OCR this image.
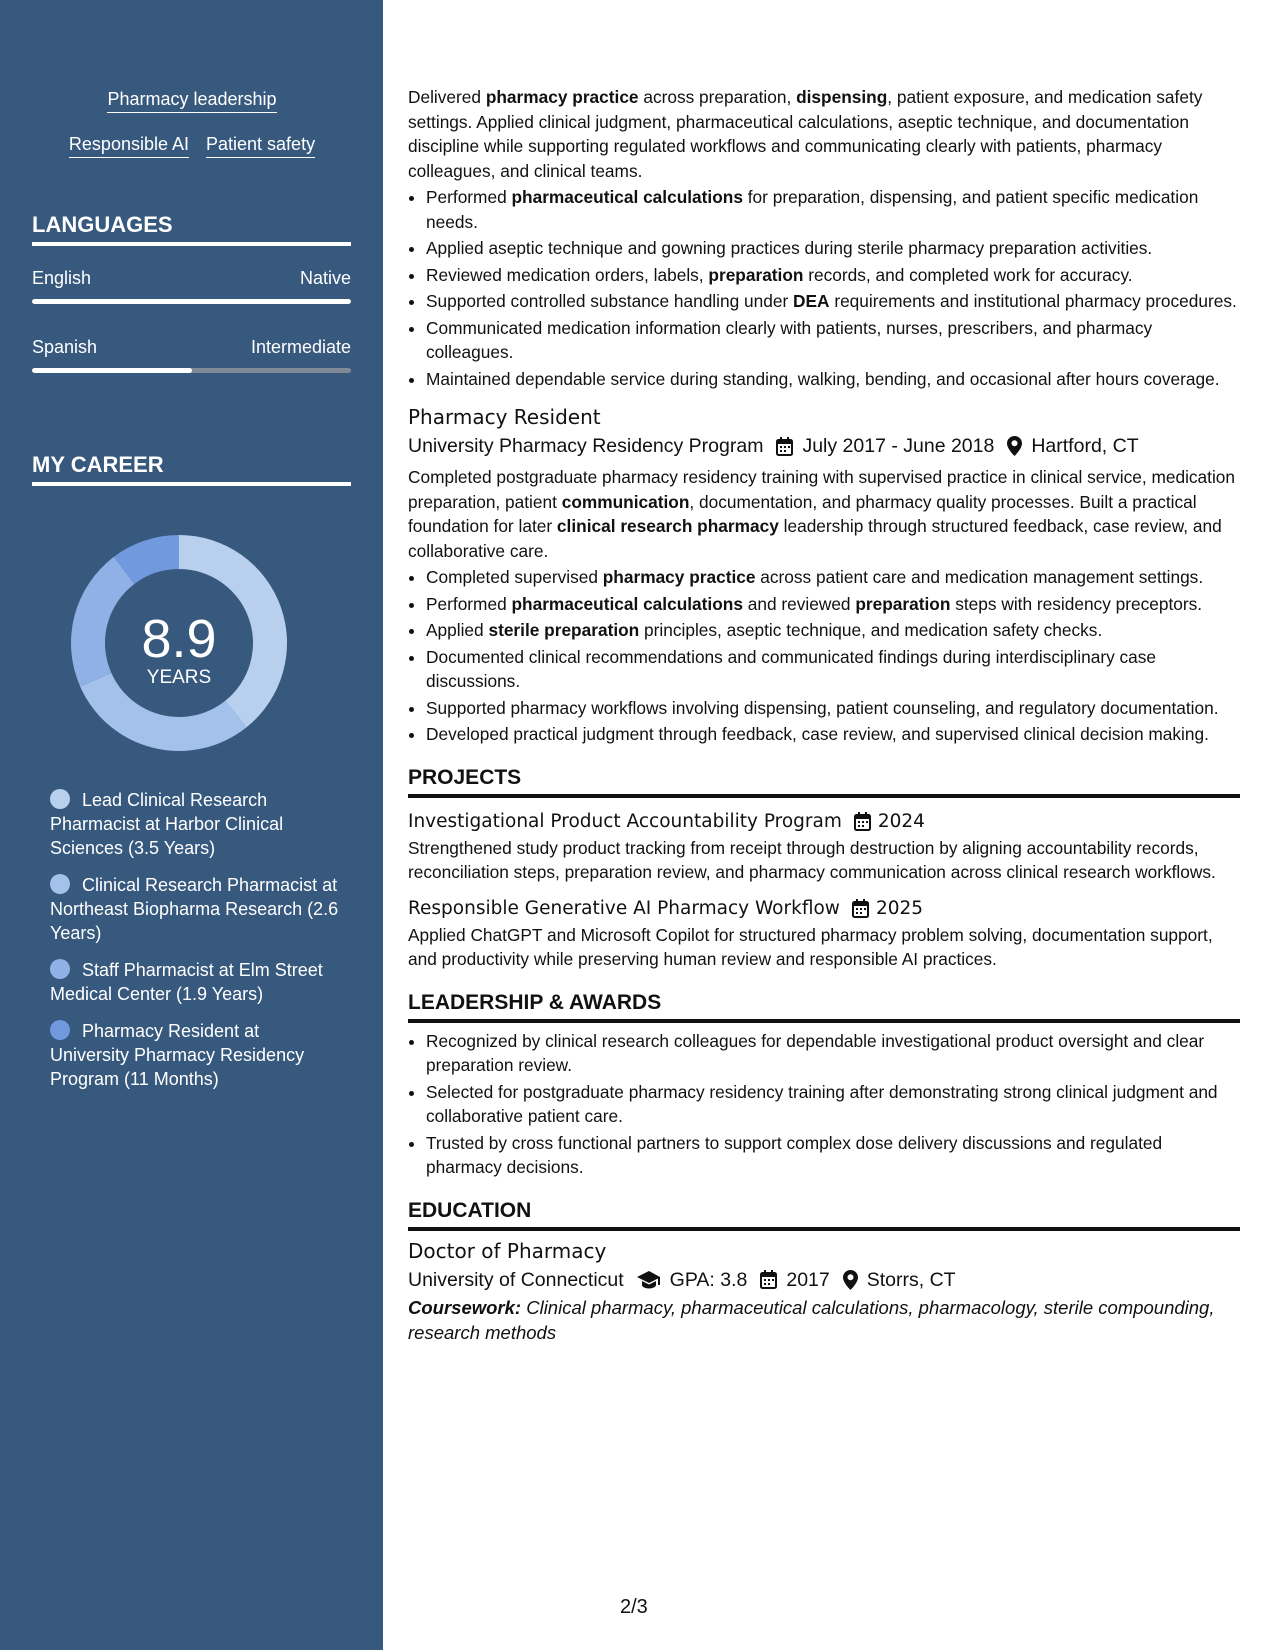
Pharmacy leadership
Responsible AI Patient safety
LANGUAGES
English	Native
Spanish	Intermediate
MY CAREER
8.9
YEARS
Lead Clinical Research Pharmacist at Harbor Clinical Sciences (3.5 Years)
Clinical Research Pharmacist at Northeast Biopharma Research (2.6 Years)
Staff Pharmacist at Elm Street Medical Center (1.9 Years)
Pharmacy Resident at University Pharmacy Residency Program (11 Months)
Delivered pharmacy practice across preparation, dispensing, patient exposure, and medication safety settings. Applied clinical judgment, pharmaceutical calculations, aseptic technique, and documentation discipline while supporting regulated workflows and communicating clearly with patients, pharmacy colleagues, and clinical teams.
• Performed pharmaceutical calculations for preparation, dispensing, and patient specific medication needs.
• Applied aseptic technique and gowning practices during sterile pharmacy preparation activities.
• Reviewed medication orders, labels, preparation records, and completed work for accuracy.
• Supported controlled substance handling under DEA requirements and institutional pharmacy procedures.
• Communicated medication information clearly with patients, nurses, prescribers, and pharmacy colleagues.
• Maintained dependable service during standing, walking, bending, and occasional after hours coverage.
Pharmacy Resident
University Pharmacy Residency Program July 2017 - June 2018 Hartford, CT
Completed postgraduate pharmacy residency training with supervised practice in clinical service, medication preparation, patient communication, documentation, and pharmacy quality processes. Built a practical foundation for later clinical research pharmacy leadership through structured feedback, case review, and collaborative care.
• Completed supervised pharmacy practice across patient care and medication management settings.
• Performed pharmaceutical calculations and reviewed preparation steps with residency preceptors.
• Applied sterile preparation principles, aseptic technique, and medication safety checks.
• Documented clinical recommendations and communicated findings during interdisciplinary case discussions.
• Supported pharmacy workflows involving dispensing, patient counseling, and regulatory documentation.
• Developed practical judgment through feedback, case review, and supervised clinical decision making.
PROJECTS
Investigational Product Accountability Program 2024
Strengthened study product tracking from receipt through destruction by aligning accountability records, reconciliation steps, preparation review, and pharmacy communication across clinical research workflows.
Responsible Generative AI Pharmacy Workflow 2025
Applied ChatGPT and Microsoft Copilot for structured pharmacy problem solving, documentation support, and productivity while preserving human review and responsible AI practices.
LEADERSHIP & AWARDS
• Recognized by clinical research colleagues for dependable investigational product oversight and clear preparation review.
• Selected for postgraduate pharmacy residency training after demonstrating strong clinical judgment and collaborative patient care.
• Trusted by cross functional partners to support complex dose delivery discussions and regulated pharmacy decisions.
EDUCATION
Doctor of Pharmacy
University of Connecticut GPA: 3.8 2017 Storrs, CT
Coursework: Clinical pharmacy, pharmaceutical calculations, pharmacology, sterile compounding, research methods
2/3
